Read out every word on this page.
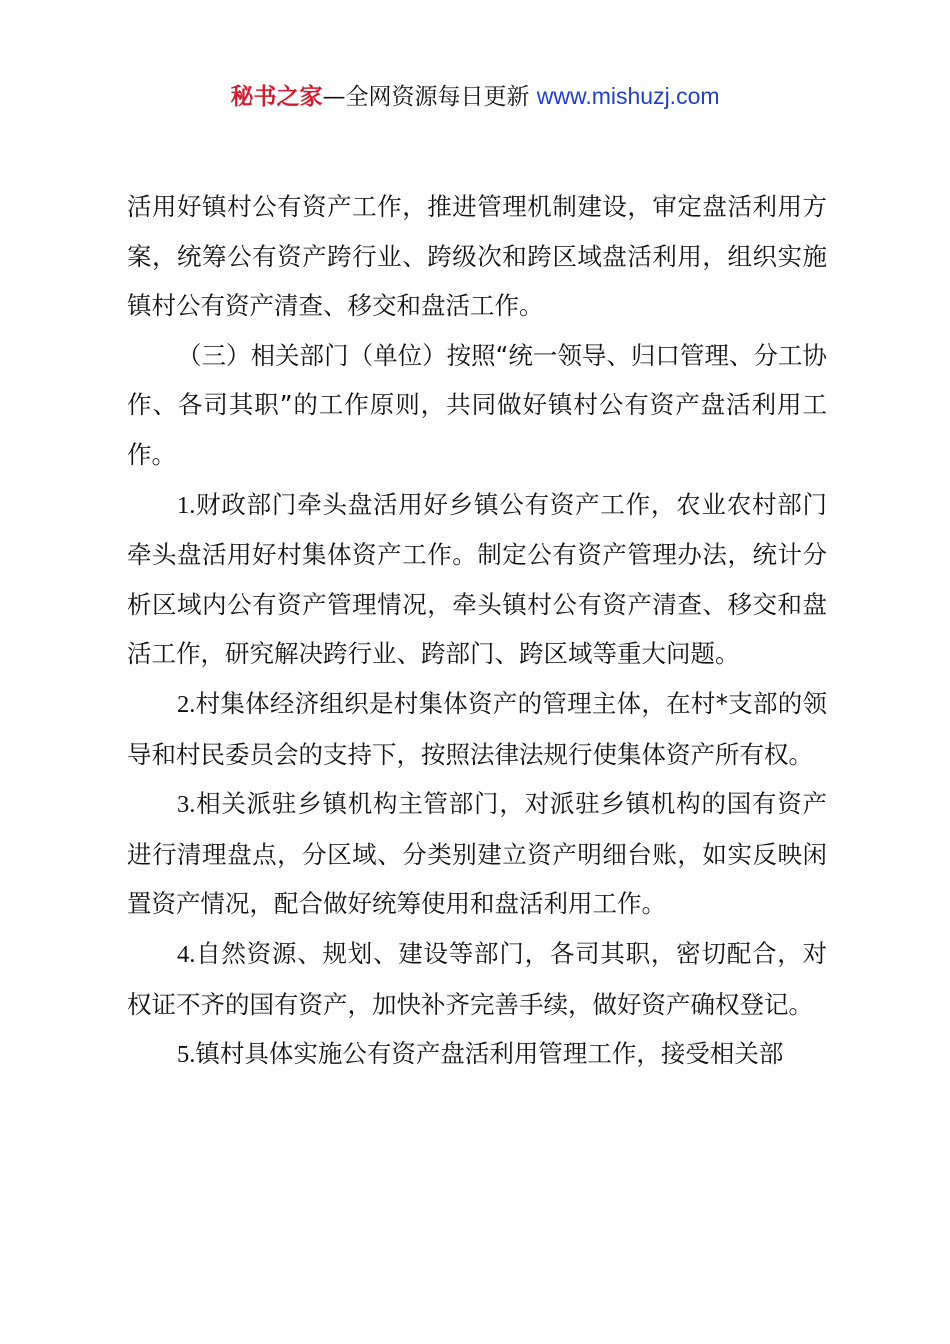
秘书之家—全网资源每日更新 www.mishuzj.com

活用好镇村公有资产工作，推进管理机制建设，审定盘活利用方案，统筹公有资产跨行业、跨级次和跨区域盘活利用，组织实施镇村公有资产清查、移交和盘活工作。

（三）相关部门（单位）按照“统一领导、归口管理、分工协作、各司其职”的工作原则，共同做好镇村公有资产盘活利用工作。

1.财政部门牵头盘活用好乡镇公有资产工作，农业农村部门牵头盘活用好村集体资产工作。制定公有资产管理办法，统计分析区域内公有资产管理情况，牵头镇村公有资产清查、移交和盘活工作，研究解决跨行业、跨部门、跨区域等重大问题。

2.村集体经济组织是村集体资产的管理主体，在村*支部的领导和村民委员会的支持下，按照法律法规行使集体资产所有权。

3.相关派驻乡镇机构主管部门，对派驻乡镇机构的国有资产进行清理盘点，分区域、分类别建立资产明细台账，如实反映闲置资产情况，配合做好统筹使用和盘活利用工作。

4.自然资源、规划、建设等部门，各司其职，密切配合，对权证不齐的国有资产，加快补齐完善手续，做好资产确权登记。

5.镇村具体实施公有资产盘活利用管理工作，接受相关部
